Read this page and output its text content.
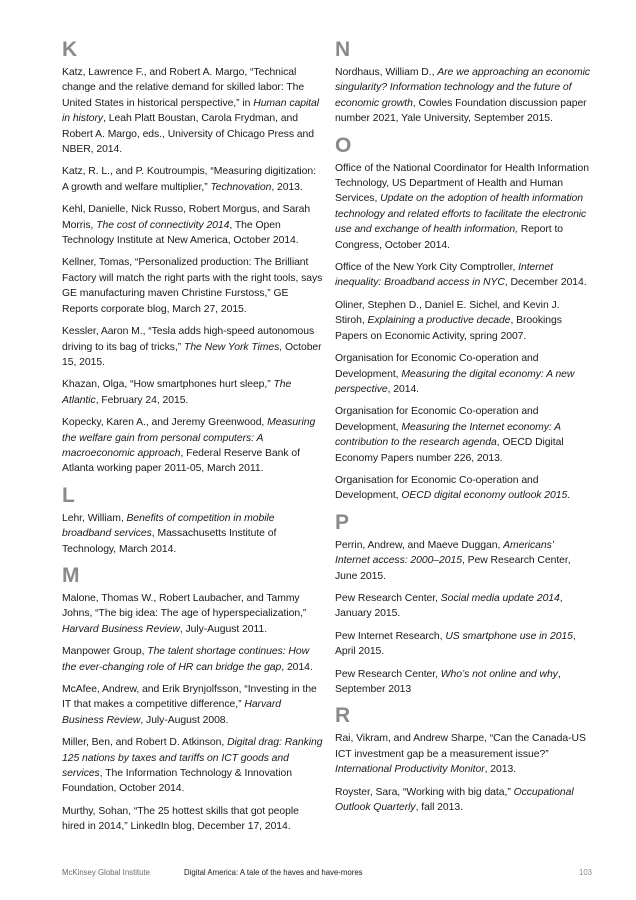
K

Katz, Lawrence F., and Robert A. Margo, “Technical change and the relative demand for skilled labor: The United States in historical perspective,” in Human capital in history, Leah Platt Boustan, Carola Frydman, and Robert A. Margo, eds., University of Chicago Press and NBER, 2014.

Katz, R. L., and P. Koutroumpis, “Measuring digitization: A growth and welfare multiplier,” Technovation, 2013.

Kehl, Danielle, Nick Russo, Robert Morgus, and Sarah Morris, The cost of connectivity 2014, The Open Technology Institute at New America, October 2014.

Kellner, Tomas, “Personalized production: The Brilliant Factory will match the right parts with the right tools, says GE manufacturing maven Christine Furstoss,” GE Reports corporate blog, March 27, 2015.

Kessler, Aaron M., “Tesla adds high-speed autonomous driving to its bag of tricks,” The New York Times, October 15, 2015.

Khazan, Olga, “How smartphones hurt sleep,” The Atlantic, February 24, 2015.

Kopecky, Karen A., and Jeremy Greenwood, Measuring the welfare gain from personal computers: A macroeconomic approach, Federal Reserve Bank of Atlanta working paper 2011-05, March 2011.

L

Lehr, William, Benefits of competition in mobile broadband services, Massachusetts Institute of Technology, March 2014.

M

Malone, Thomas W., Robert Laubacher, and Tammy Johns, “The big idea: The age of hyperspecialization,” Harvard Business Review, July-August 2011.

Manpower Group, The talent shortage continues: How the ever-changing role of HR can bridge the gap, 2014.

McAfee, Andrew, and Erik Brynjolfsson, “Investing in the IT that makes a competitive difference,” Harvard Business Review, July-August 2008.

Miller, Ben, and Robert D. Atkinson, Digital drag: Ranking 125 nations by taxes and tariffs on ICT goods and services, The Information Technology & Innovation Foundation, October 2014.

Murthy, Sohan, “The 25 hottest skills that got people hired in 2014,” LinkedIn blog, December 17, 2014.

N

Nordhaus, William D., Are we approaching an economic singularity? Information technology and the future of economic growth, Cowles Foundation discussion paper number 2021, Yale University, September 2015.

O

Office of the National Coordinator for Health Information Technology, US Department of Health and Human Services, Update on the adoption of health information technology and related efforts to facilitate the electronic use and exchange of health information, Report to Congress, October 2014.

Office of the New York City Comptroller, Internet inequality: Broadband access in NYC, December 2014.

Oliner, Stephen D., Daniel E. Sichel, and Kevin J. Stiroh, Explaining a productive decade, Brookings Papers on Economic Activity, spring 2007.

Organisation for Economic Co-operation and Development, Measuring the digital economy: A new perspective, 2014.

Organisation for Economic Co-operation and Development, Measuring the Internet economy: A contribution to the research agenda, OECD Digital Economy Papers number 226, 2013.

Organisation for Economic Co-operation and Development, OECD digital economy outlook 2015.

P

Perrin, Andrew, and Maeve Duggan, Americans’ Internet access: 2000–2015, Pew Research Center, June 2015.

Pew Research Center, Social media update 2014, January 2015.

Pew Internet Research, US smartphone use in 2015, April 2015.

Pew Research Center, Who’s not online and why, September 2013

R

Rai, Vikram, and Andrew Sharpe, “Can the Canada-US ICT investment gap be a measurement issue?” International Productivity Monitor, 2013.

Royster, Sara, “Working with big data,” Occupational Outlook Quarterly, fall 2013.

McKinsey Global Institute	Digital America: A tale of the haves and have-mores	103
